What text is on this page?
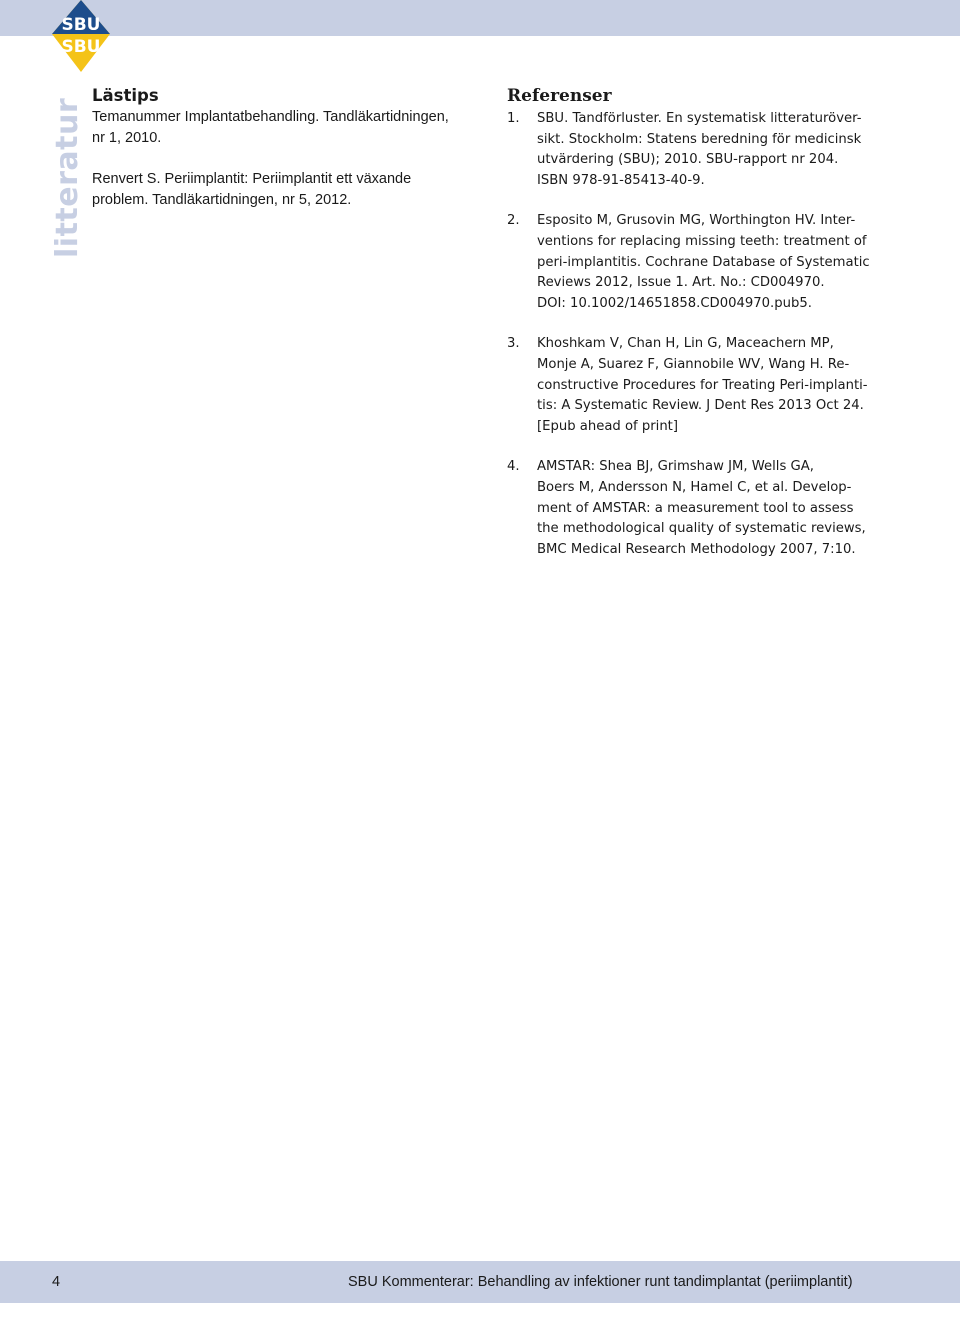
SBU
SBU
litteratur
Lästips

Temanummer Implantatbehandling. Tandläkartidningen, nr 1, 2010.

Renvert S. Periimplantit: Periimplantit ett växande problem. Tandläkartidningen, nr 5, 2012.

Referenser
1.	SBU. Tandförluster. En systematisk litteraturöver-
sikt. Stockholm: Statens beredning för medicinsk
utvärdering (SBU); 2010. SBU-rapport nr 204.
ISBN 978-91-85413-40-9.
2.	Esposito M, Grusovin MG, Worthington HV. Inter-
ventions for replacing missing teeth: treatment of
peri-implantitis. Cochrane Database of Systematic
Reviews 2012, Issue 1. Art. No.: CD004970.
DOI: 10.1002/14651858.CD004970.pub5.
3.	Khoshkam V, Chan H, Lin G, Maceachern MP,
Monje A, Suarez F, Giannobile WV, Wang H. Re-
constructive Procedures for Treating Peri-implanti-
tis: A Systematic Review. J Dent Res 2013 Oct 24.
[Epub ahead of print]
4.	AMSTAR: Shea BJ, Grimshaw JM, Wells GA,
Boers M, Andersson N, Hamel C, et al. Develop-
ment of AMSTAR: a measurement tool to assess
the methodological quality of systematic reviews,
BMC Medical Research Methodology 2007, 7:10.
4	SBU Kommenterar: Behandling av infektioner runt tandimplantat (periimplantit)
